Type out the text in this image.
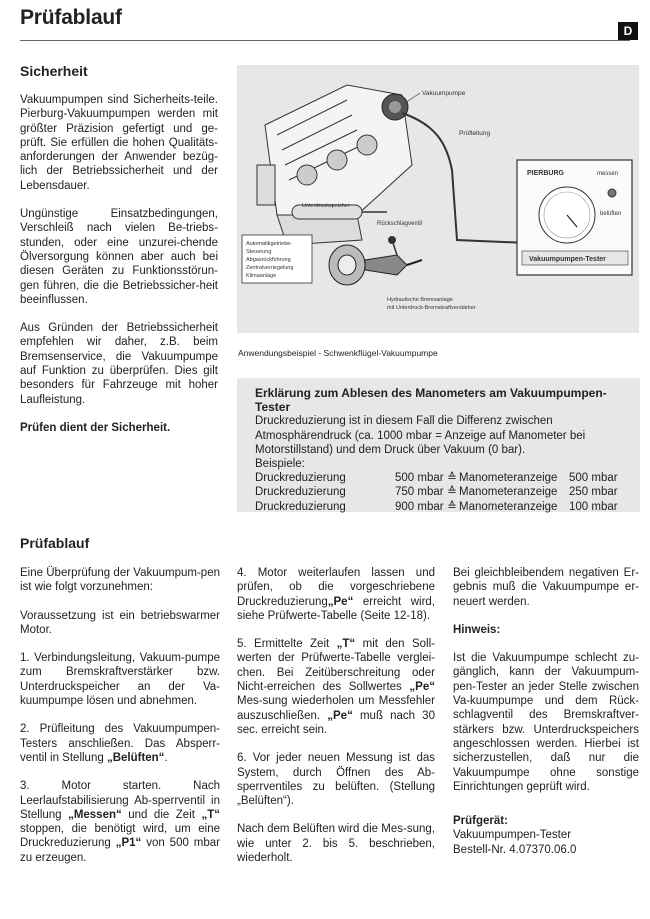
Prüfablauf
D
Sicherheit

Vakuumpumpen sind Sicherheits-teile. Pierburg-Vakuumpumpen werden mit größter Präzision gefertigt und ge-prüft. Sie erfüllen die hohen Qualitäts-anforderungen der Anwender bezüg-lich der Betriebssicherheit und der Lebensdauer.

Ungünstige Einsatzbedingungen, Verschleiß nach vielen Be-triebs-stunden, oder eine unzurei-chende Ölversorgung können aber auch bei diesen Geräten zu Funktionsstörun-gen führen, die die Betriebssicher-heit beeinflussen.

Aus Gründen der Betriebssicherheit empfehlen wir daher, z.B. beim Bremsenservice, die Vakuumpumpe auf Funktion zu überprüfen. Dies gilt besonders für Fahrzeuge mit hoher Laufleistung.

Prüfen dient der Sicherheit.

Vakuumpumpe
Prüfleitung
Unterdruckspeicher
Rückschlagventil
Automatikgetriebe- Steuerung Abgasrückführung Zentralverriegelung Klimaanlage
Hydraulische Bremsanlage
mit Unterdruck-Bremskraftverstärker
PIERBURG	messen
belüften
Vakuumpumpen-Tester
Anwendungsbeispiel - Schwenkflügel-Vakuumpumpe
Erklärung zum Ablesen des Manometers am Vakuumpumpen-Tester
Druckreduzierung ist in diesem Fall die Differenz zwischen
Atmosphärendruck (ca. 1000 mbar = Anzeige auf Manometer bei
Motorstillstand) und dem Druck über Vakuum (0 bar).
Beispiele:
Druckreduzierung	500 mbar	≙	Manometeranzeige	500 mbar
Druckreduzierung	750 mbar	≙	Manometeranzeige	250 mbar
Druckreduzierung	900 mbar	≙	Manometeranzeige	100 mbar
Prüfablauf

Eine Überprüfung der Vakuumpum-pen ist wie folgt vorzunehmen:

Voraussetzung ist ein betriebswarmer Motor.

1. Verbindungsleitung, Vakuum-pumpe zum Bremskraftverstärker bzw. Unterdruckspeicher an der Va-kuumpumpe lösen und abnehmen.

2. Prüfleitung des Vakuumpumpen-Testers anschließen. Das Absperr-ventil in Stellung „Belüften“.

3. Motor starten. Nach Leerlaufstabilisierung Ab-sperrventil in Stellung „Messen“ und die Zeit „T“ stoppen, die benötigt wird, um eine Druckreduzierung „P1“ von 500 mbar zu erzeugen.

4. Motor weiterlaufen lassen und prüfen, ob die vorgeschriebene Druckreduzierung„Pe“ erreicht wird, siehe Prüfwerte-Tabelle (Seite 12-18).

5. Ermittelte Zeit „T“ mit den Soll-werten der Prüfwerte-Tabelle verglei-chen. Bei Zeitüberschreitung oder Nicht-erreichen des Sollwertes „Pe“ Mes-sung wiederholen um Messfehler auszuschließen. „Pe“ muß nach 30 sec. erreicht sein.

6. Vor jeder neuen Messung ist das System, durch Öffnen des Ab-sperrventiles zu belüften. (Stellung „Belüften“).

Nach dem Belüften wird die Mes-sung, wie unter 2. bis 5. beschrieben, wiederholt.

Bei gleichbleibendem negativen Er-gebnis muß die Vakuumpumpe er-neuert werden.

Hinweis:

Ist die Vakuumpumpe schlecht zu-gänglich, kann der Vakuumpum-pen-Tester an jeder Stelle zwischen Va-kuumpumpe und dem Rück-schlagventil des Bremskraftver-stärkers bzw. Unterdruckspeichers angeschlossen werden. Hierbei ist sicherzustellen, daß nur die Vakuumpumpe ohne sonstige Einrichtungen geprüft wird.

Prüfgerät:

Vakuumpumpen-Tester
Bestell-Nr. 4.07370.06.0
